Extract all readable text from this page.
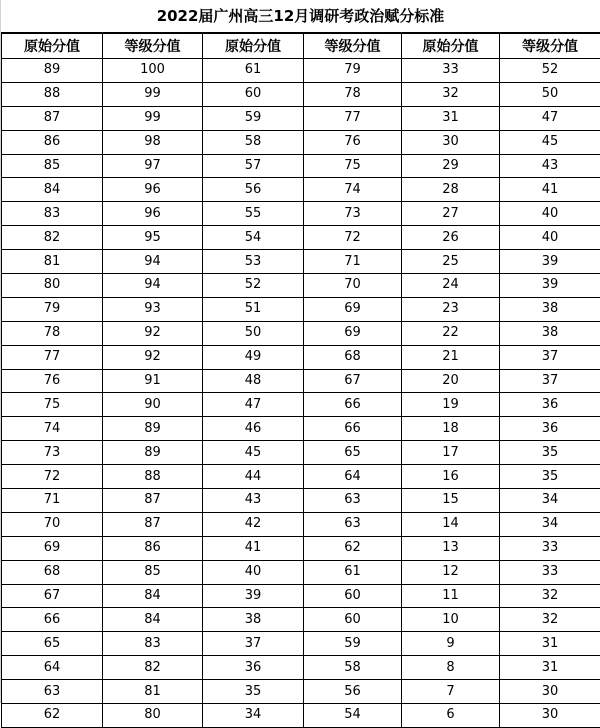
2022届广州高三12月调研考政治赋分标准
原始分值	等级分值	原始分值	等级分值	原始分值	等级分值
89	100	61	79	33	52
88	99	60	78	32	50
87	99	59	77	31	47
86	98	58	76	30	45
85	97	57	75	29	43
84	96	56	74	28	41
83	96	55	73	27	40
82	95	54	72	26	40
81	94	53	71	25	39
80	94	52	70	24	39
79	93	51	69	23	38
78	92	50	69	22	38
77	92	49	68	21	37
76	91	48	67	20	37
75	90	47	66	19	36
74	89	46	66	18	36
73	89	45	65	17	35
72	88	44	64	16	35
71	87	43	63	15	34
70	87	42	63	14	34
69	86	41	62	13	33
68	85	40	61	12	33
67	84	39	60	11	32
66	84	38	60	10	32
65	83	37	59	9	31
64	82	36	58	8	31
63	81	35	56	7	30
62	80	34	54	6	30
